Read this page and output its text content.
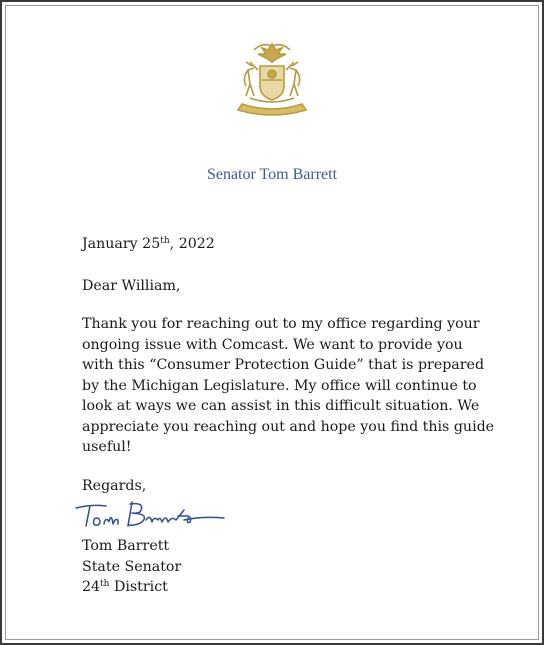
Senator Tom Barrett
January 25th, 2022
Dear William,
Thank you for reaching out to my office regarding your
ongoing issue with Comcast. We want to provide you
with this “Consumer Protection Guide” that is prepared
by the Michigan Legislature. My office will continue to
look at ways we can assist in this difficult situation. We
appreciate you reaching out and hope you find this guide
useful!
Regards,
Tom Barrett
State Senator
24th District
